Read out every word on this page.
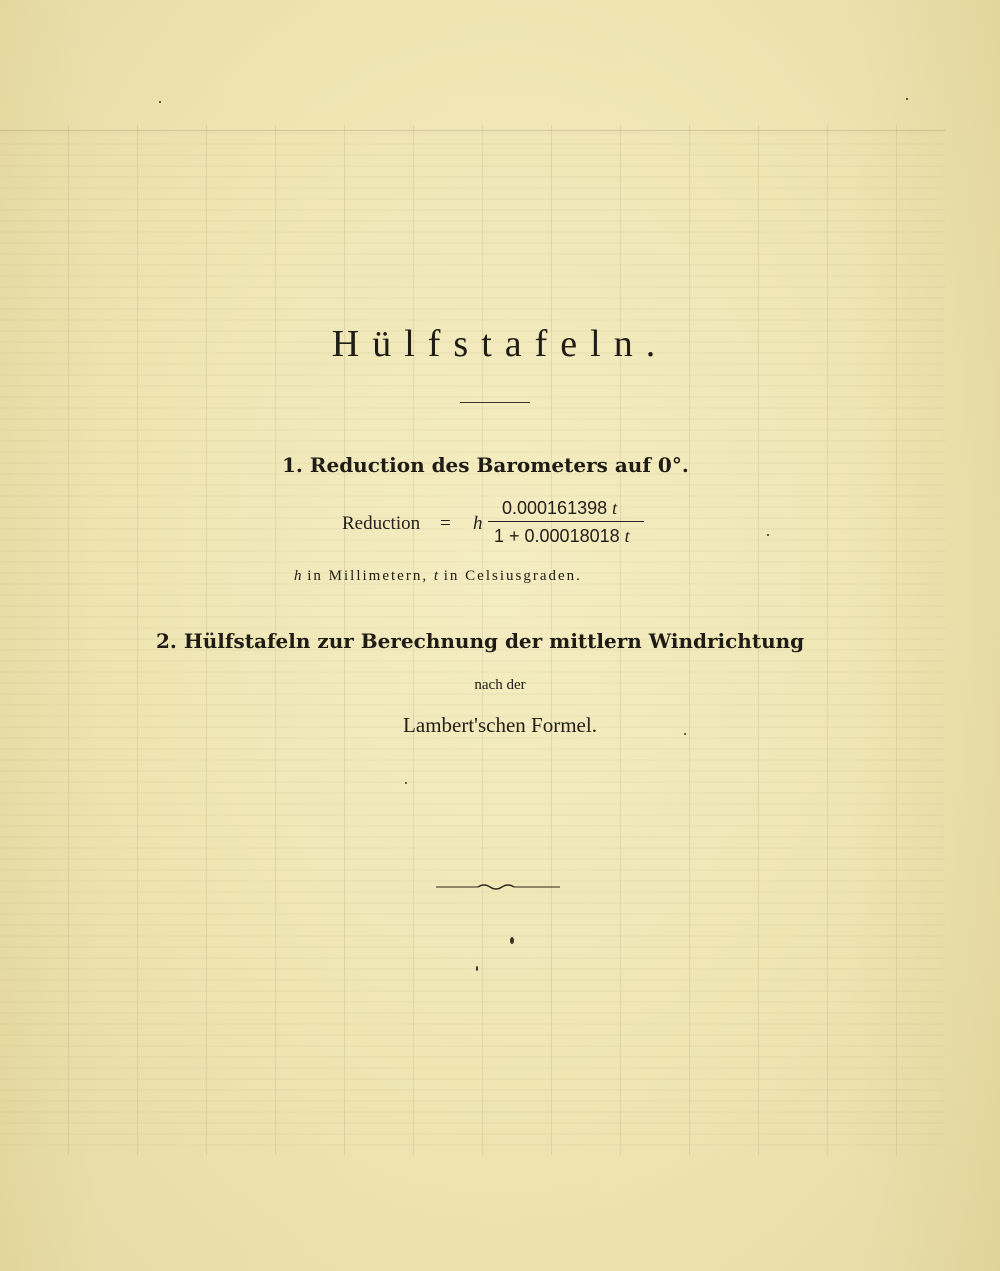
Hülfstafeln.
1. Reduction des Barometers auf 0°.
Reduction = h
0.000161398 t
1 + 0.00018018 t
h in Millimetern, t in Celsiusgraden.
2. Hülfstafeln zur Berechnung der mittlern Windrichtung
nach der
Lambert'schen Formel.
